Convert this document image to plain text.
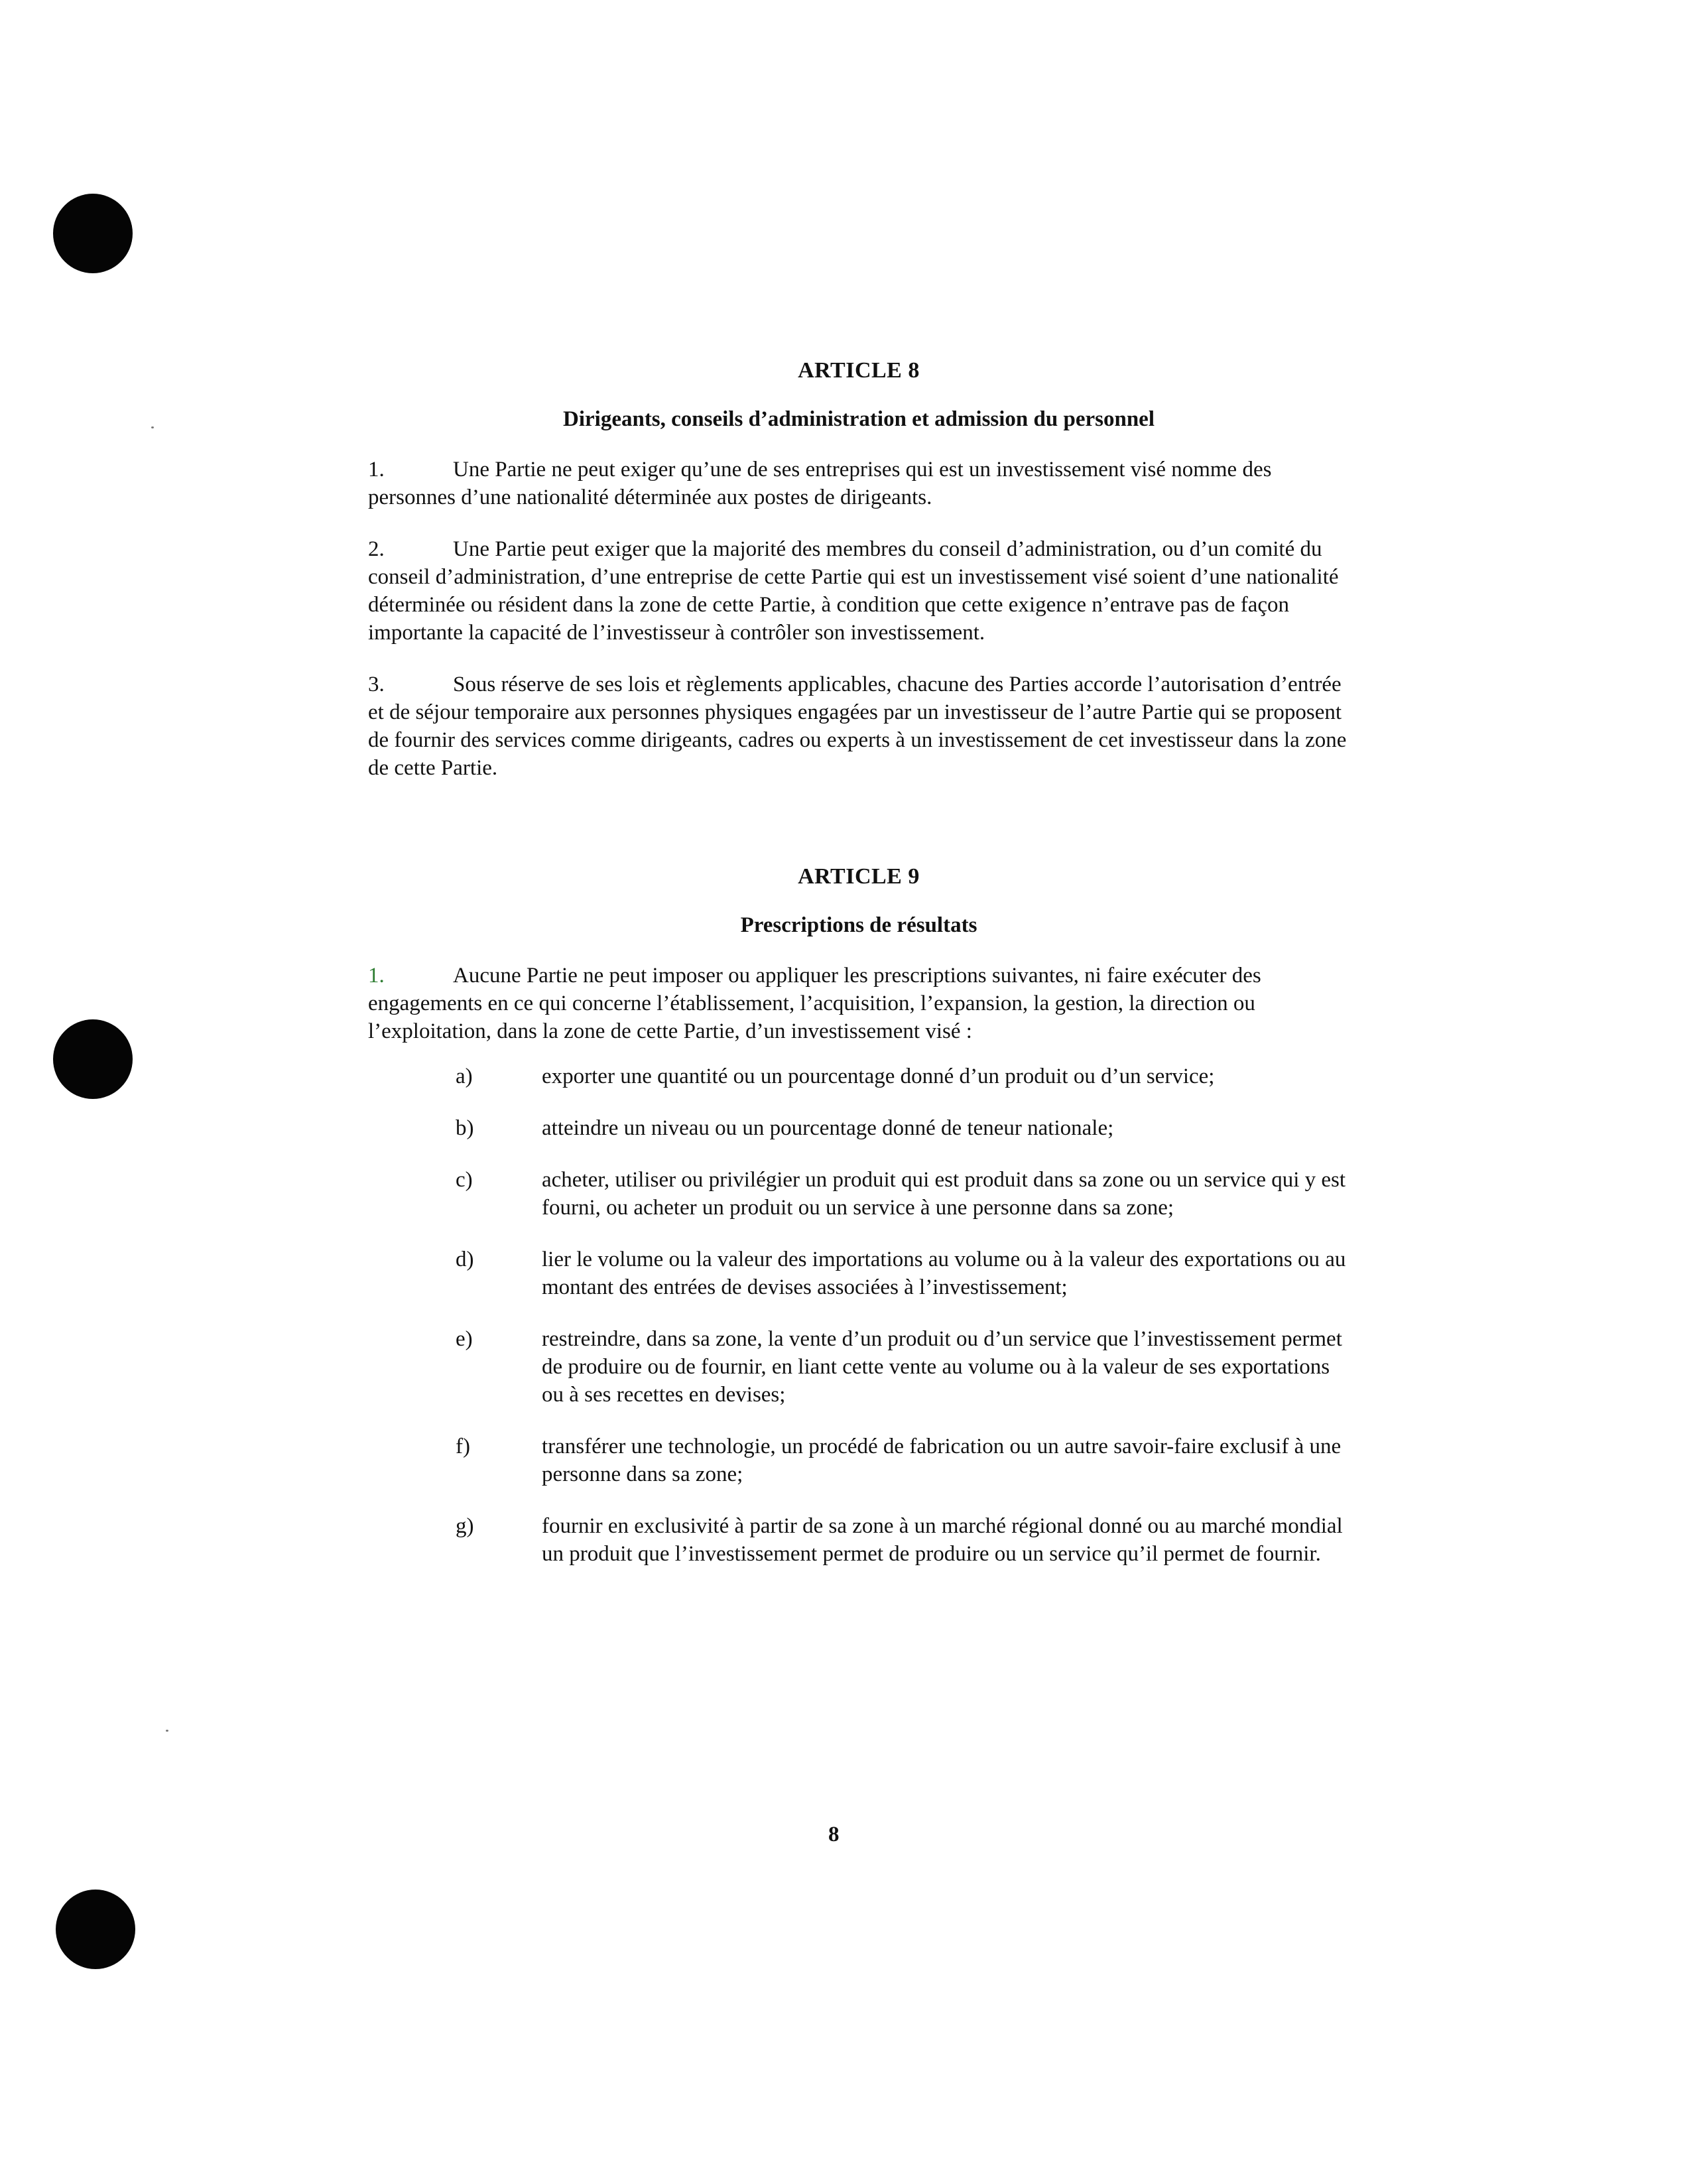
ARTICLE 8
Dirigeants, conseils d’administration et admission du personnel

1.	Une Partie ne peut exiger qu’une de ses entreprises qui est un investissement visé nomme des personnes d’une nationalité déterminée aux postes de dirigeants.

2.	Une Partie peut exiger que la majorité des membres du conseil d’administration, ou d’un comité du conseil d’administration, d’une entreprise de cette Partie qui est un investissement visé soient d’une nationalité déterminée ou résident dans la zone de cette Partie, à condition que cette exigence n’entrave pas de façon importante la capacité de l’investisseur à contrôler son investissement.

3.	Sous réserve de ses lois et règlements applicables, chacune des Parties accorde l’autorisation d’entrée et de séjour temporaire aux personnes physiques engagées par un investisseur de l’autre Partie qui se proposent de fournir des services comme dirigeants, cadres ou experts à un investissement de cet investisseur dans la zone de cette Partie.

ARTICLE 9
Prescriptions de résultats

1.	Aucune Partie ne peut imposer ou appliquer les prescriptions suivantes, ni faire exécuter des engagements en ce qui concerne l’établissement, l’acquisition, l’expansion, la gestion, la direction ou l’exploitation, dans la zone de cette Partie, d’un investissement visé :

a)	exporter une quantité ou un pourcentage donné d’un produit ou d’un service;
b)	atteindre un niveau ou un pourcentage donné de teneur nationale;
c)	acheter, utiliser ou privilégier un produit qui est produit dans sa zone ou un service qui y est fourni, ou acheter un produit ou un service à une personne dans sa zone;
d)	lier le volume ou la valeur des importations au volume ou à la valeur des exportations ou au montant des entrées de devises associées à l’investissement;
e)	restreindre, dans sa zone, la vente d’un produit ou d’un service que l’investissement permet de produire ou de fournir, en liant cette vente au volume ou à la valeur de ses exportations ou à ses recettes en devises;
f)	transférer une technologie, un procédé de fabrication ou un autre savoir-faire exclusif à une personne dans sa zone;
g)	fournir en exclusivité à partir de sa zone à un marché régional donné ou au marché mondial un produit que l’investissement permet de produire ou un service qu’il permet de fournir.
8
